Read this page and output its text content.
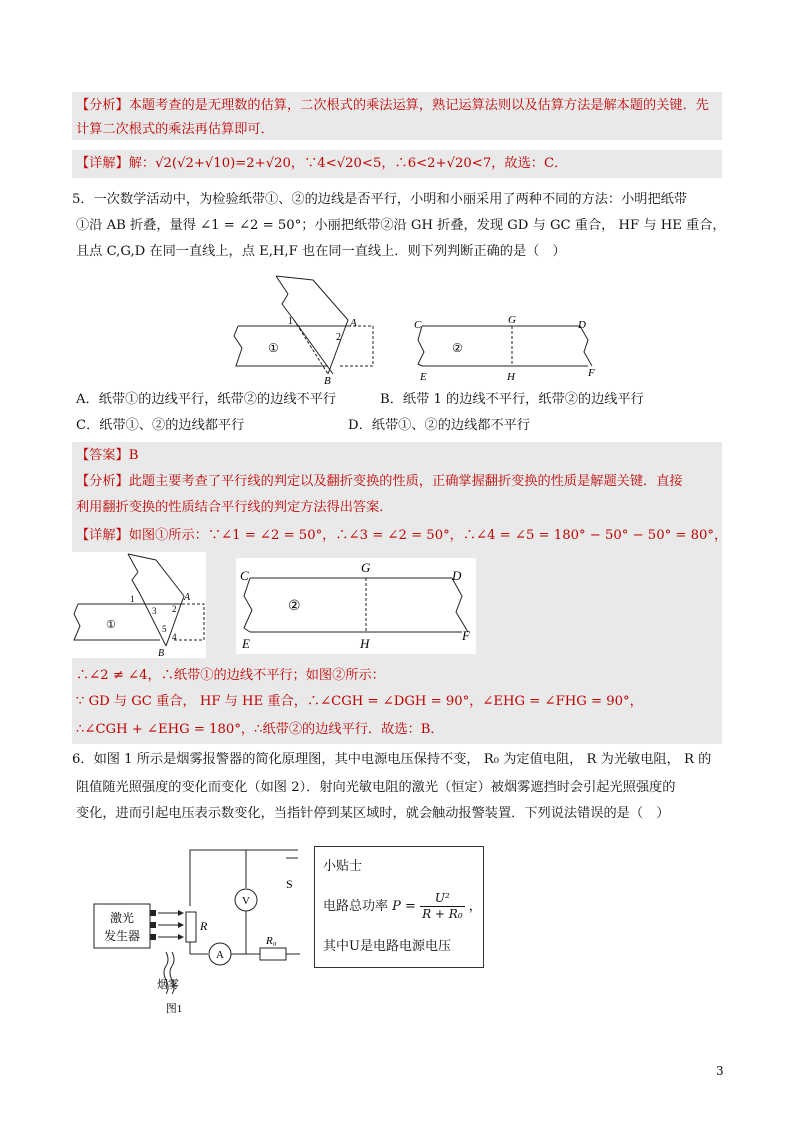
【分析】本题考查的是无理数的估算，二次根式的乘法运算，熟记运算法则以及估算方法是解本题的关键．先
计算二次根式的乘法再估算即可．
【详解】解：√2(√2+√10)=2+√20，∵4<√20<5，∴6<2+√20<7，故选：C．
5．一次数学活动中，为检验纸带①、②的边线是否平行，小明和小丽采用了两种不同的方法：小明把纸带
①沿 AB 折叠，量得 ∠1 = ∠2 = 50°；小丽把纸带②沿 GH 折叠，发现 GD 与 GC 重合， HF 与 HE 重合，
且点 C,G,D 在同一直线上，点 E,H,F 也在同一直线上．则下列判断正确的是（　）
1
2
A
B
①
C	G	D
E	H	F
②
A．纸带①的边线平行，纸带②的边线不平行	B．纸带 1 的边线不平行，纸带②的边线平行
C．纸带①、②的边线都平行	D．纸带①、②的边线都不平行
【答案】B
【分析】此题主要考查了平行线的判定以及翻折变换的性质，正确掌握翻折变换的性质是解题关键．直接
利用翻折变换的性质结合平行线的判定方法得出答案．
【详解】如图①所示：∵∠1 = ∠2 = 50°，∴∠3 = ∠2 = 50°，∴∠4 = ∠5 = 180° − 50° − 50° = 80°，
1
3 2
A
5
4
B
①
C
G
D
E	H
F
②
∴∠2 ≠ ∠4，∴纸带①的边线不平行；如图②所示：
∵ GD 与 GC 重合， HF 与 HE 重合，∴∠CGH = ∠DGH = 90°，∠EHG = ∠FHG = 90°，
∴∠CGH + ∠EHG = 180°，∴纸带②的边线平行．故选：B．
6．如图 1 所示是烟雾报警器的简化原理图，其中电源电压保持不变， R₀ 为定值电阻， R 为光敏电阻， R 的
阻值随光照强度的变化而变化（如图 2）．射向光敏电阻的激光（恒定）被烟雾遮挡时会引起光照强度的
变化，进而引起电压表示数变化，当指针停到某区域时，就会触动报警装置．下列说法错误的是（　）
激光
发生器
R
A
R₀
V
S
烟雾
图1
小贴士
电路总功率 $P = \frac{\text{U²}}{\text{R + R₀}}$ ，
其中U是电路电源电压
3
